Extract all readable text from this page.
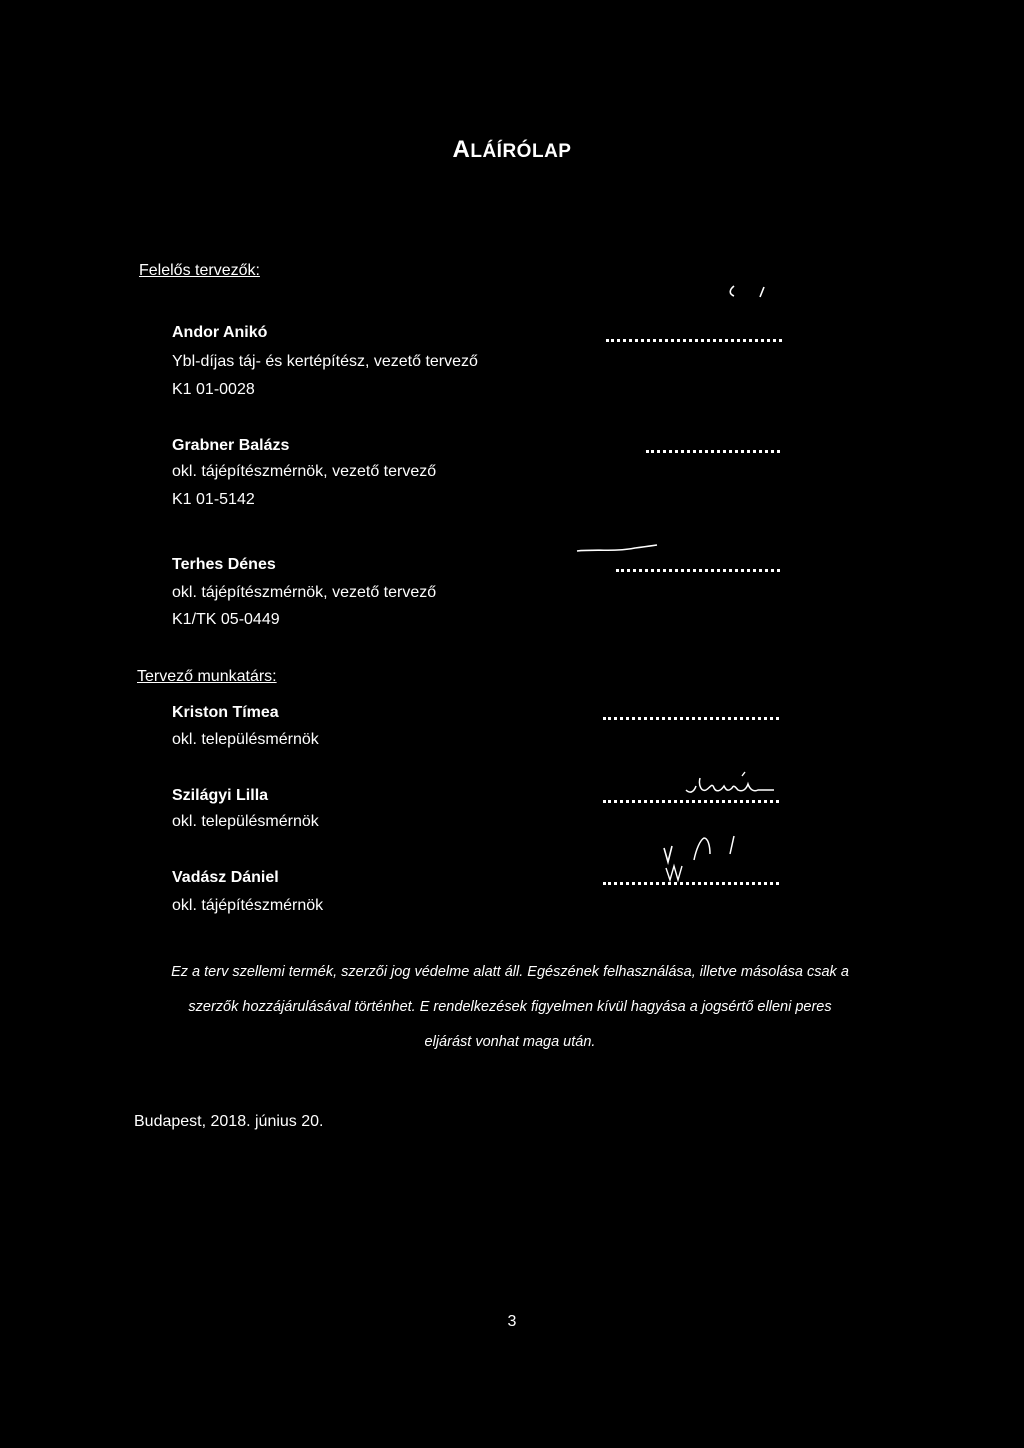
ALÁÍRÓLAP
Felelős tervezők:
Andor Anikó
Ybl-díjas táj- és kertépítész, vezető tervező
K1 01-0028
Grabner Balázs
okl. tájépítészmérnök, vezető tervező
K1 01-5142
Terhes Dénes
okl. tájépítészmérnök, vezető tervező
K1/TK 05-0449
Tervező munkatárs:
Kriston Tímea
okl. településmérnök
Szilágyi Lilla
okl. településmérnök
Vadász Dániel
okl. tájépítészmérnök
Ez a terv szellemi termék, szerzői jog védelme alatt áll. Egészének felhasználása, illetve másolása csak a
szerzők hozzájárulásával történhet. E rendelkezések figyelmen kívül hagyása a jogsértő elleni peres
eljárást vonhat maga után.
Budapest, 2018. június 20.
3
